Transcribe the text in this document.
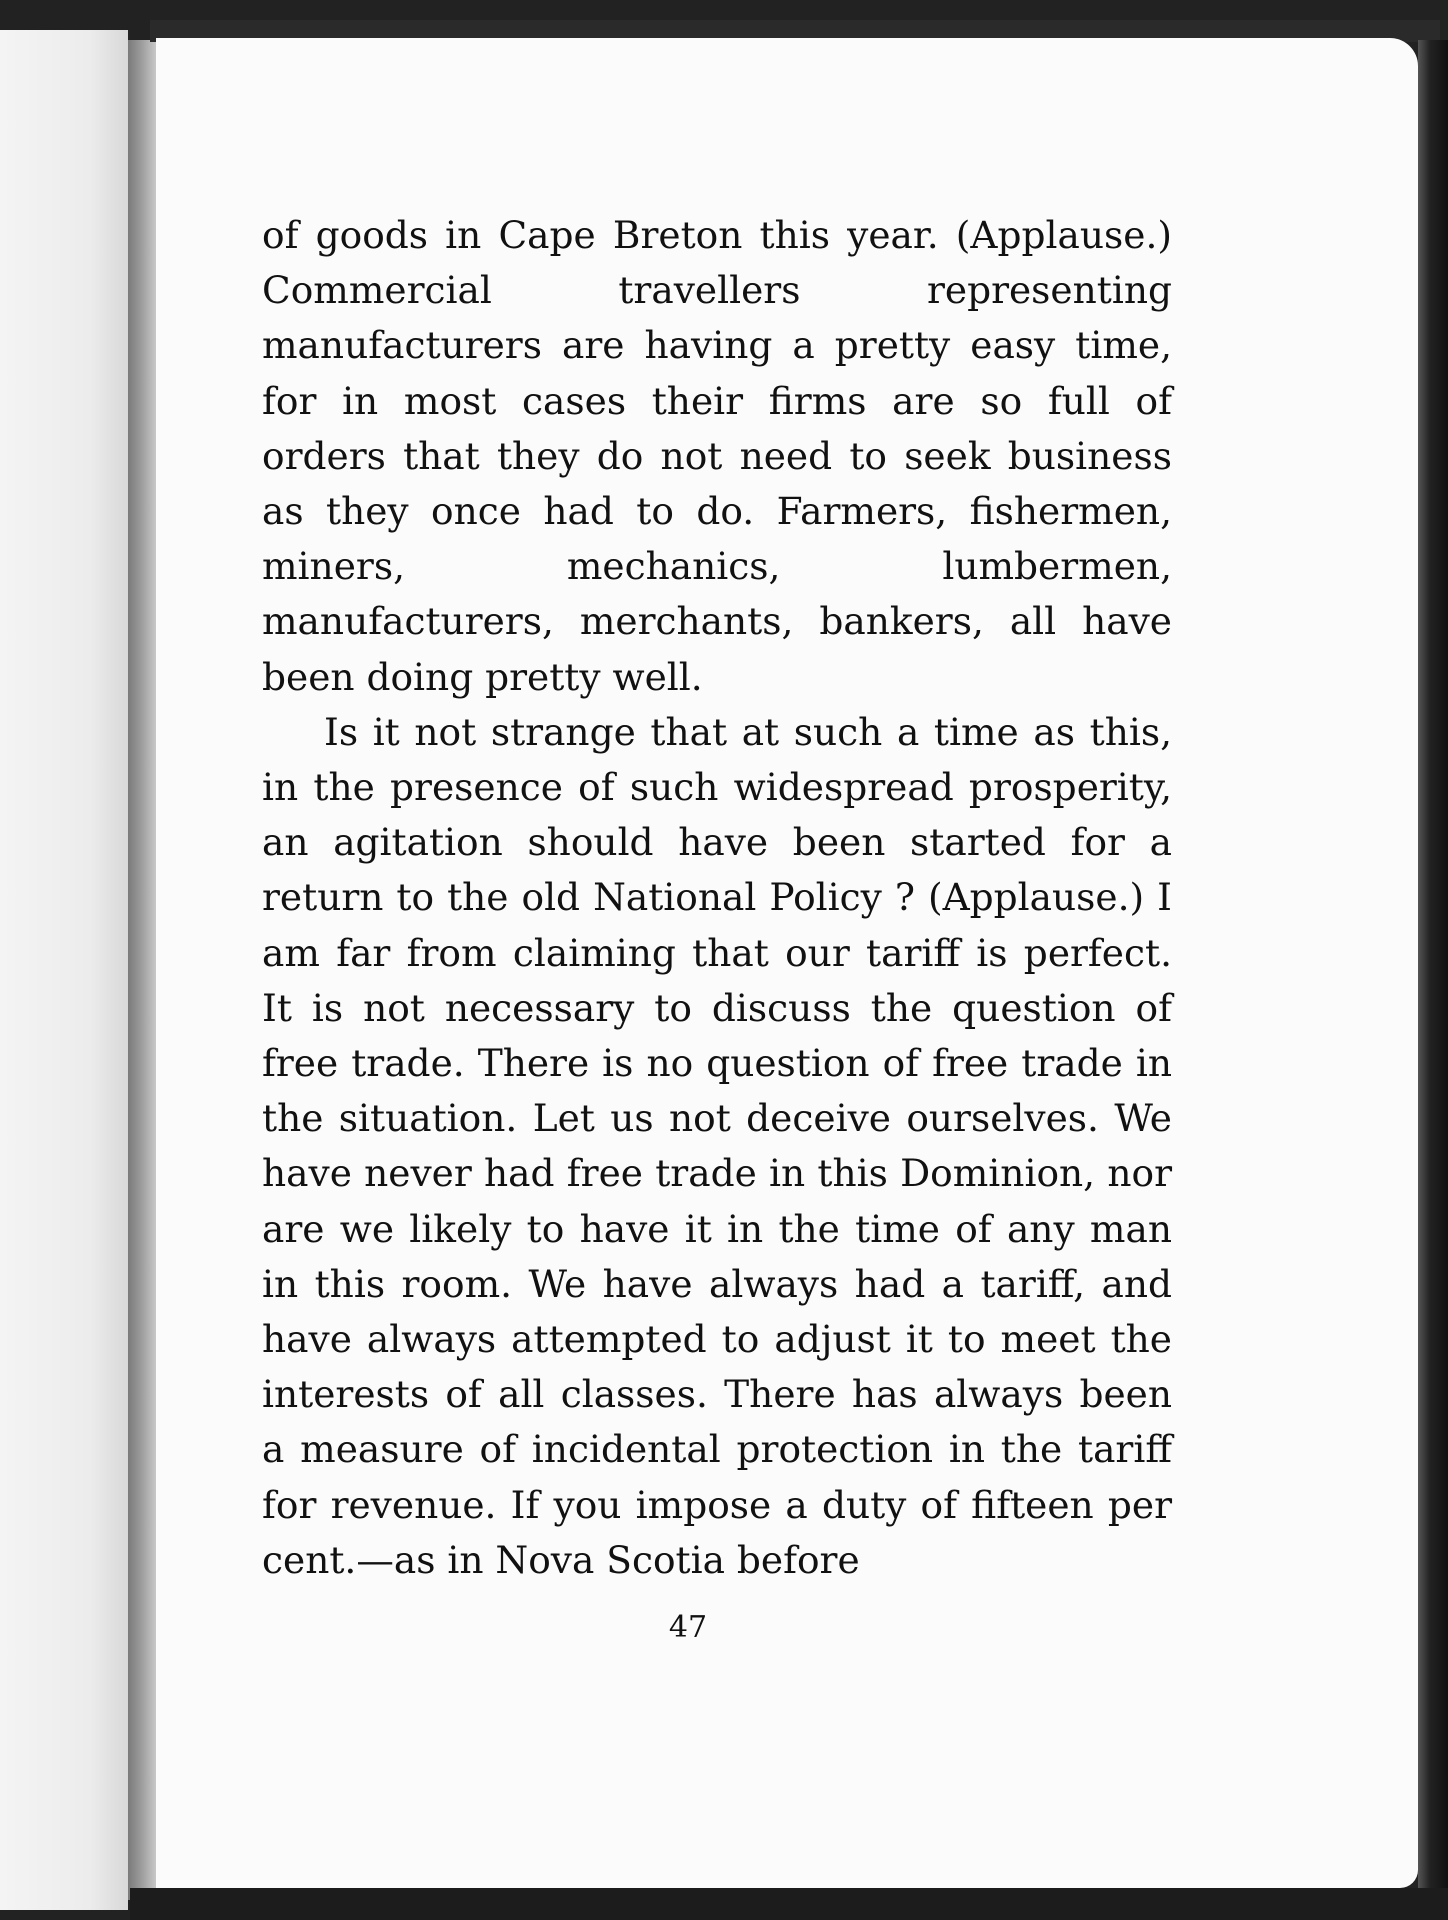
of goods in Cape Breton this year. (Applause.) Commercial travellers representing manufacturers are having a pretty easy time, for in most cases their firms are so full of orders that they do not need to seek business as they once had to do. Farmers, fishermen, miners, mechanics, lumbermen, manufacturers, merchants, bankers, all have been doing pretty well.

Is it not strange that at such a time as this, in the presence of such widespread prosperity, an agitation should have been started for a return to the old National Policy ? (Applause.) I am far from claiming that our tariff is perfect. It is not necessary to discuss the question of free trade. There is no question of free trade in the situation. Let us not deceive ourselves. We have never had free trade in this Dominion, nor are we likely to have it in the time of any man in this room. We have always had a tariff, and have always attempted to adjust it to meet the interests of all classes. There has always been a measure of incidental protection in the tariff for revenue. If you impose a duty of fifteen per cent.—as in Nova Scotia before

47
